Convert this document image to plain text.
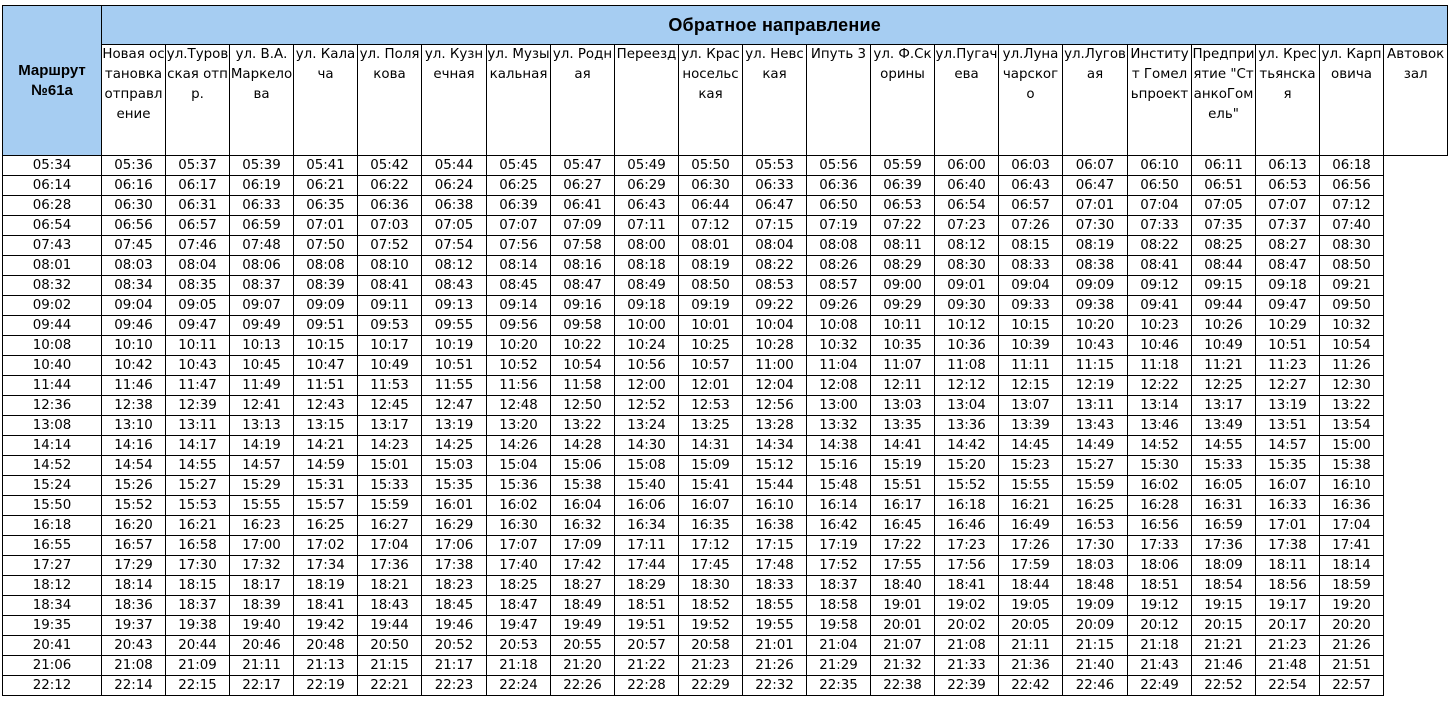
Маршрут
№61а	Обратное направление																				
	Новая остановка отправление	ул.Туровская отпр.	ул. В.А. Маркелова	ул. Калача	ул. Полякова	ул. Кузнечная	ул. Музыкальная	ул. Родная	Переезд	ул. Красносельская	ул. Невская	Ипуть 3	ул. Ф.Скорины	ул.Пугачева	ул.Луначарского	ул.Луговая	Институт Гомельпроект	Предприятие "СтанкоГомель"	ул. Крестьянская	ул. Карповича	Автовокзал
05:34	05:36	05:37	05:39	05:41	05:42	05:44	05:45	05:47	05:49	05:50	05:53	05:56	05:59	06:00	06:03	06:07	06:10	06:11	06:13	06:18	
06:14	06:16	06:17	06:19	06:21	06:22	06:24	06:25	06:27	06:29	06:30	06:33	06:36	06:39	06:40	06:43	06:47	06:50	06:51	06:53	06:56	
06:28	06:30	06:31	06:33	06:35	06:36	06:38	06:39	06:41	06:43	06:44	06:47	06:50	06:53	06:54	06:57	07:01	07:04	07:05	07:07	07:12	
06:54	06:56	06:57	06:59	07:01	07:03	07:05	07:07	07:09	07:11	07:12	07:15	07:19	07:22	07:23	07:26	07:30	07:33	07:35	07:37	07:40	
07:43	07:45	07:46	07:48	07:50	07:52	07:54	07:56	07:58	08:00	08:01	08:04	08:08	08:11	08:12	08:15	08:19	08:22	08:25	08:27	08:30	
08:01	08:03	08:04	08:06	08:08	08:10	08:12	08:14	08:16	08:18	08:19	08:22	08:26	08:29	08:30	08:33	08:38	08:41	08:44	08:47	08:50	
08:32	08:34	08:35	08:37	08:39	08:41	08:43	08:45	08:47	08:49	08:50	08:53	08:57	09:00	09:01	09:04	09:09	09:12	09:15	09:18	09:21	
09:02	09:04	09:05	09:07	09:09	09:11	09:13	09:14	09:16	09:18	09:19	09:22	09:26	09:29	09:30	09:33	09:38	09:41	09:44	09:47	09:50	
09:44	09:46	09:47	09:49	09:51	09:53	09:55	09:56	09:58	10:00	10:01	10:04	10:08	10:11	10:12	10:15	10:20	10:23	10:26	10:29	10:32	
10:08	10:10	10:11	10:13	10:15	10:17	10:19	10:20	10:22	10:24	10:25	10:28	10:32	10:35	10:36	10:39	10:43	10:46	10:49	10:51	10:54	
10:40	10:42	10:43	10:45	10:47	10:49	10:51	10:52	10:54	10:56	10:57	11:00	11:04	11:07	11:08	11:11	11:15	11:18	11:21	11:23	11:26	
11:44	11:46	11:47	11:49	11:51	11:53	11:55	11:56	11:58	12:00	12:01	12:04	12:08	12:11	12:12	12:15	12:19	12:22	12:25	12:27	12:30	
12:36	12:38	12:39	12:41	12:43	12:45	12:47	12:48	12:50	12:52	12:53	12:56	13:00	13:03	13:04	13:07	13:11	13:14	13:17	13:19	13:22	
13:08	13:10	13:11	13:13	13:15	13:17	13:19	13:20	13:22	13:24	13:25	13:28	13:32	13:35	13:36	13:39	13:43	13:46	13:49	13:51	13:54	
14:14	14:16	14:17	14:19	14:21	14:23	14:25	14:26	14:28	14:30	14:31	14:34	14:38	14:41	14:42	14:45	14:49	14:52	14:55	14:57	15:00	
14:52	14:54	14:55	14:57	14:59	15:01	15:03	15:04	15:06	15:08	15:09	15:12	15:16	15:19	15:20	15:23	15:27	15:30	15:33	15:35	15:38	
15:24	15:26	15:27	15:29	15:31	15:33	15:35	15:36	15:38	15:40	15:41	15:44	15:48	15:51	15:52	15:55	15:59	16:02	16:05	16:07	16:10	
15:50	15:52	15:53	15:55	15:57	15:59	16:01	16:02	16:04	16:06	16:07	16:10	16:14	16:17	16:18	16:21	16:25	16:28	16:31	16:33	16:36	
16:18	16:20	16:21	16:23	16:25	16:27	16:29	16:30	16:32	16:34	16:35	16:38	16:42	16:45	16:46	16:49	16:53	16:56	16:59	17:01	17:04	
16:55	16:57	16:58	17:00	17:02	17:04	17:06	17:07	17:09	17:11	17:12	17:15	17:19	17:22	17:23	17:26	17:30	17:33	17:36	17:38	17:41	
17:27	17:29	17:30	17:32	17:34	17:36	17:38	17:40	17:42	17:44	17:45	17:48	17:52	17:55	17:56	17:59	18:03	18:06	18:09	18:11	18:14	
18:12	18:14	18:15	18:17	18:19	18:21	18:23	18:25	18:27	18:29	18:30	18:33	18:37	18:40	18:41	18:44	18:48	18:51	18:54	18:56	18:59	
18:34	18:36	18:37	18:39	18:41	18:43	18:45	18:47	18:49	18:51	18:52	18:55	18:58	19:01	19:02	19:05	19:09	19:12	19:15	19:17	19:20	
19:35	19:37	19:38	19:40	19:42	19:44	19:46	19:47	19:49	19:51	19:52	19:55	19:58	20:01	20:02	20:05	20:09	20:12	20:15	20:17	20:20	
20:41	20:43	20:44	20:46	20:48	20:50	20:52	20:53	20:55	20:57	20:58	21:01	21:04	21:07	21:08	21:11	21:15	21:18	21:21	21:23	21:26	
21:06	21:08	21:09	21:11	21:13	21:15	21:17	21:18	21:20	21:22	21:23	21:26	21:29	21:32	21:33	21:36	21:40	21:43	21:46	21:48	21:51	
22:12	22:14	22:15	22:17	22:19	22:21	22:23	22:24	22:26	22:28	22:29	22:32	22:35	22:38	22:39	22:42	22:46	22:49	22:52	22:54	22:57	
